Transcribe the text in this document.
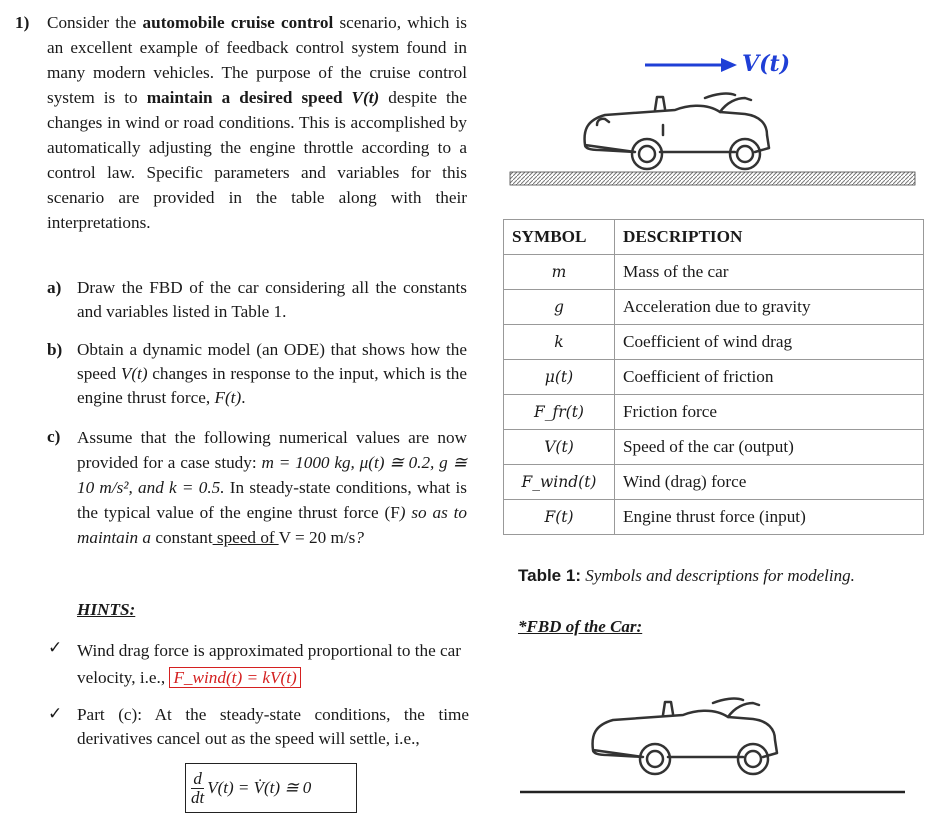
1) Consider the automobile cruise control scenario, which is an excellent example of feedback control system found in many modern vehicles. The purpose of the cruise control system is to maintain a desired speed V(t) despite the changes in wind or road conditions. This is accomplished by automatically adjusting the engine throttle according to a control law. Specific parameters and variables for this scenario are provided in the table along with their interpretations.
a) Draw the FBD of the car considering all the constants and variables listed in Table 1.
b) Obtain a dynamic model (an ODE) that shows how the speed V(t) changes in response to the input, which is the engine thrust force, F(t).
c) Assume that the following numerical values are now provided for a case study: m = 1000 kg, μ(t) ≅ 0.2, g ≅ 10 m/s², and k = 0.5. In steady-state conditions, what is the typical value of the engine thrust force (F) so as to maintain a constant speed of V = 20 m/s?
HINTS:
✓ Wind drag force is approximated proportional to the car velocity, i.e., F_wind(t) = kV(t)
✓ Part (c): At the steady-state conditions, the time derivatives cancel out as the speed will settle, i.e.,
$\frac{d}{dt} V(t)$ = V̇(t) ≅ 0
V(t)
SYMBOL	DESCRIPTION
m	Mass of the car
g	Acceleration due to gravity
k	Coefficient of wind drag
μ(t)	Coefficient of friction
F_fr(t)	Friction force
V(t)	Speed of the car (output)
F_wind(t)	Wind (drag) force
F(t)	Engine thrust force (input)
Table 1: Symbols and descriptions for modeling.
*FBD of the Car:
